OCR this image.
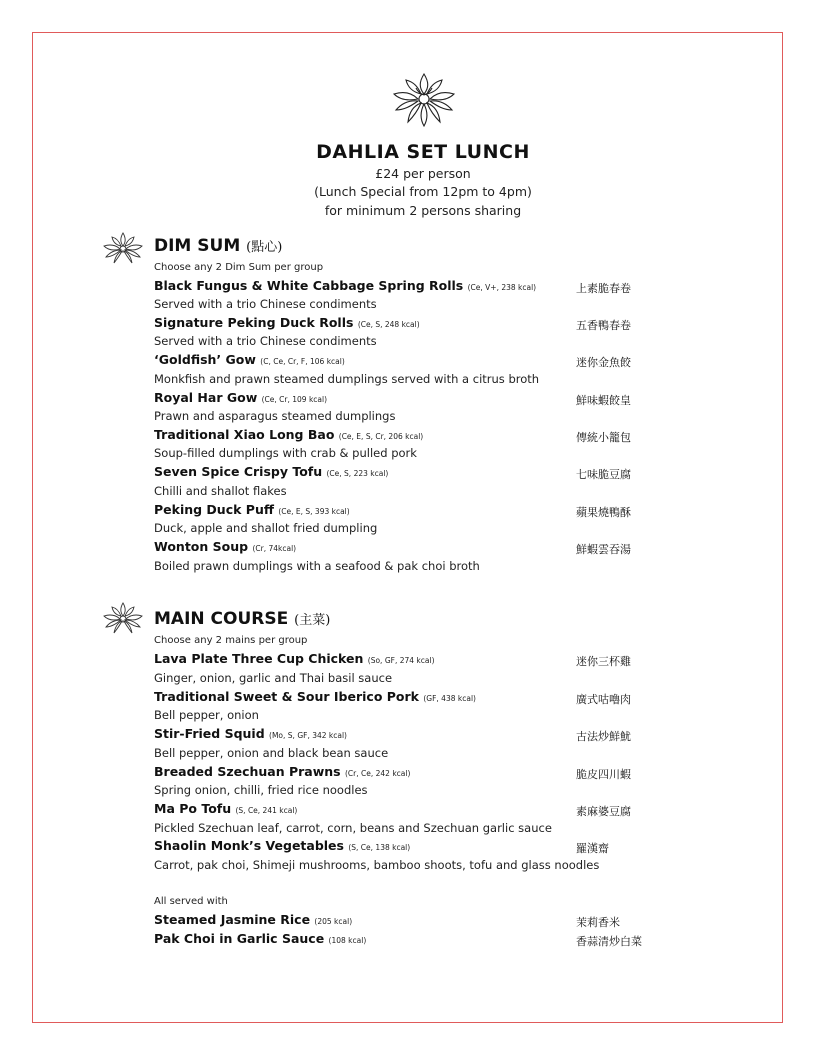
DAHLIA SET LUNCH
£24 per person
(Lunch Special from 12pm to 4pm)
for minimum 2 persons sharing
DIM SUM (點心)
Choose any 2 Dim Sum per group
Black Fungus & White Cabbage Spring Rolls (Ce, V+, 238 kcal)	上素脆春卷
Served with a trio Chinese condiments
Signature Peking Duck Rolls (Ce, S, 248 kcal)	五香鴨春卷
Served with a trio Chinese condiments
‘Goldfish’ Gow (C, Ce, Cr, F, 106 kcal)	迷你金魚餃
Monkfish and prawn steamed dumplings served with a citrus broth
Royal Har Gow (Ce, Cr, 109 kcal)	鮮味蝦餃皇
Prawn and asparagus steamed dumplings
Traditional Xiao Long Bao (Ce, E, S, Cr, 206 kcal)	傳統小籠包
Soup-filled dumplings with crab & pulled pork
Seven Spice Crispy Tofu (Ce, S, 223 kcal)	七味脆豆腐
Chilli and shallot flakes
Peking Duck Puff (Ce, E, S, 393 kcal)	蘋果燒鴨酥
Duck, apple and shallot fried dumpling
Wonton Soup (Cr, 74kcal)	鮮蝦雲吞湯
Boiled prawn dumplings with a seafood & pak choi broth
MAIN COURSE (主菜)
Choose any 2 mains per group
Lava Plate Three Cup Chicken (So, GF, 274 kcal)	迷你三杯雞
Ginger, onion, garlic and Thai basil sauce
Traditional Sweet & Sour Iberico Pork (GF, 438 kcal)	廣式咕嚕肉
Bell pepper, onion
Stir-Fried Squid (Mo, S, GF, 342 kcal)	古法炒鮮魷
Bell pepper, onion and black bean sauce
Breaded Szechuan Prawns (Cr, Ce, 242 kcal)	脆皮四川蝦
Spring onion, chilli, fried rice noodles
Ma Po Tofu (S, Ce, 241 kcal)	素麻婆豆腐
Pickled Szechuan leaf, carrot, corn, beans and Szechuan garlic sauce
Shaolin Monk’s Vegetables (S, Ce, 138 kcal)	羅漢齋
Carrot, pak choi, Shimeji mushrooms, bamboo shoots, tofu and glass noodles
All served with
Steamed Jasmine Rice (205 kcal)	茉莉香米
Pak Choi in Garlic Sauce (108 kcal)	香蒜清炒白菜
